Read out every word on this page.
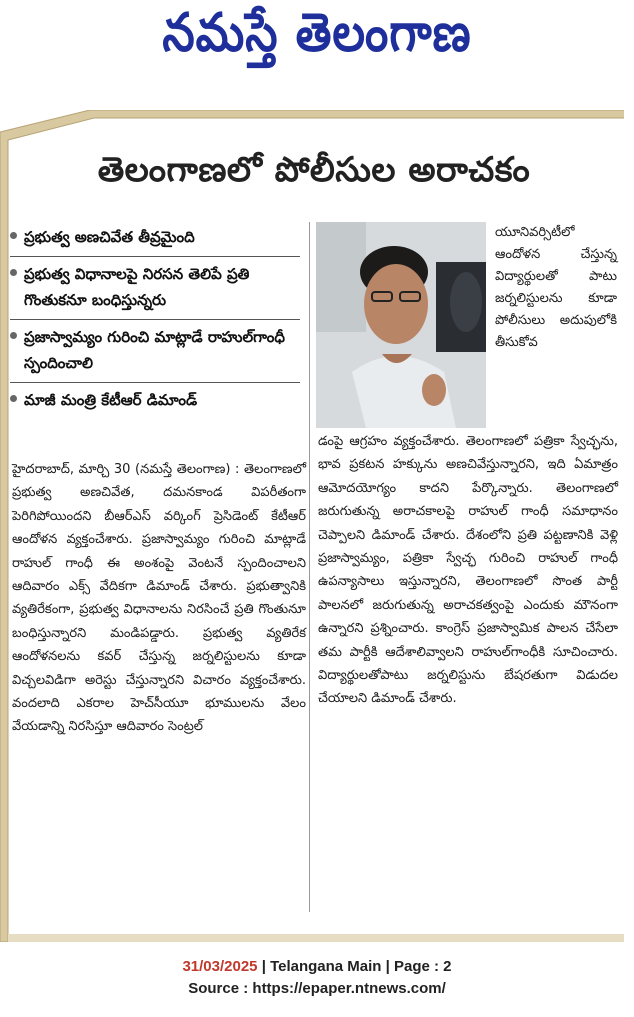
నమస్తే తెలంగాణ
తెలంగాణలో పోలీసుల అరాచకం
ప్రభుత్వ అణచివేత తీవ్రమైంది
ప్రభుత్వ విధానాలపై నిరసన తెలిపే ప్రతి గొంతుకనూ బంధిస్తున్నరు
ప్రజాస్వామ్యం గురించి మాట్లాడే రాహుల్‌గాంధీ స్పందించాలి
మాజీ మంత్రి కేటీఆర్ డిమాండ్
యూనివర్సిటీలో ఆందోళన చేస్తున్న విద్యార్థులతో పాటు జర్నలిస్టులను కూడా పోలీసులు అదుపులోకి తీసుకోవ
హైదరాబాద్, మార్చి 30 (నమస్తే తెలంగాణ) : తెలంగాణలో ప్రభుత్వ అణచివేత, దమనకాండ విపరీతంగా పెరిగిపోయిందని బీఆర్‌ఎస్ వర్కింగ్ ప్రెసిడెంట్ కేటీఆర్ ఆందోళన వ్యక్తంచేశారు. ప్రజాస్వామ్యం గురించి మాట్లాడే రాహుల్ గాంధీ ఈ అంశంపై వెంటనే స్పందించాలని ఆదివారం ఎక్స్ వేదికగా డిమాండ్ చేశారు. ప్రభుత్వానికి వ్యతిరేకంగా, ప్రభుత్వ విధానాలను నిరసించే ప్రతి గొంతునూ బంధిస్తున్నారని మండిపడ్డారు. ప్రభుత్వ వ్యతిరేక ఆందోళనలను కవర్ చేస్తున్న జర్నలిస్టులను కూడా విచ్చలవిడిగా అరెస్టు చేస్తున్నారని విచారం వ్యక్తంచేశారు. వందలాది ఎకరాల హెచ్‌సీయూ భూములను వేలం వేయడాన్ని నిరసిస్తూ ఆదివారం సెంట్రల్
డంపై ఆగ్రహం వ్యక్తంచేశారు. తెలంగాణలో పత్రికా స్వేచ్ఛను, భావ ప్రకటన హక్కును అణచివేస్తున్నారని, ఇది ఏమాత్రం ఆమోదయోగ్యం కాదని పేర్కొన్నారు. తెలంగాణలో జరుగుతున్న అరాచకాలపై రాహుల్ గాంధీ సమాధానం చెప్పాలని డిమాండ్ చేశారు. దేశంలోని ప్రతి పట్టణానికి వెళ్లి ప్రజాస్వామ్యం, పత్రికా స్వేచ్ఛ గురించి రాహుల్ గాంధీ ఉపన్యాసాలు ఇస్తున్నారని, తెలంగాణలో సొంత పార్టీ పాలనలో జరుగుతున్న అరాచకత్వంపై ఎందుకు మౌనంగా ఉన్నారని ప్రశ్నించారు. కాంగ్రెస్ ప్రజాస్వామిక పాలన చేసేలా తమ పార్టీకి ఆదేశాలివ్వాలని రాహుల్‌గాంధీకి సూచించారు. విద్యార్థులతోపాటు జర్నలిస్టును బేషరతుగా విడుదల చేయాలని డిమాండ్ చేశారు.
31/03/2025 | Telangana Main | Page : 2
Source : https://epaper.ntnews.com/
